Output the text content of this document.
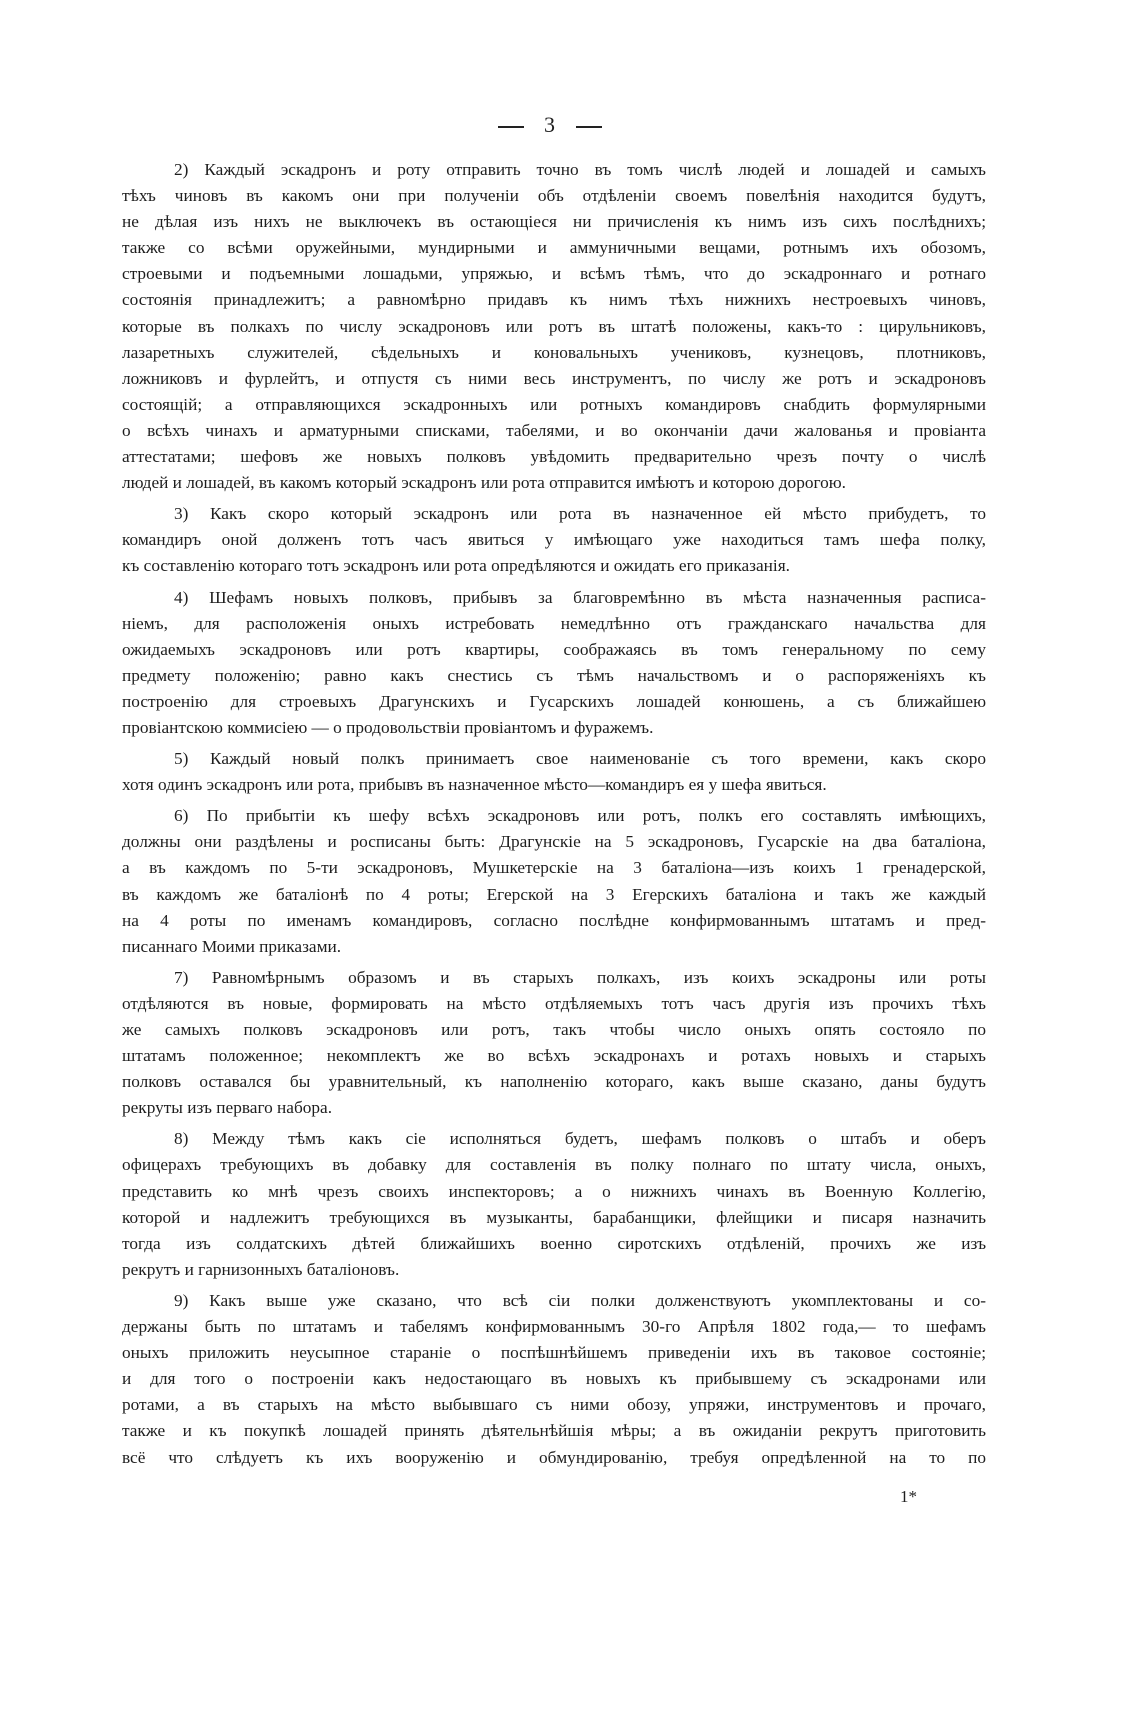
3
2) Каждый эскадронъ и роту отправить точно въ томъ числѣ людей и лошадей и самыхъ
тѣхъ чиновъ въ какомъ они при полученіи объ отдѣленіи своемъ повелѣнія находится будутъ,
не дѣлая изъ нихъ не выключекъ въ остающіеся ни причисленія къ нимъ изъ сихъ послѣднихъ;
также со всѣми оружейными, мундирными и аммуничными вещами, ротнымъ ихъ обозомъ,
строевыми и подъемными лошадьми, упряжью, и всѣмъ тѣмъ, что до эскадроннаго и ротнаго
состоянія принадлежитъ; а равномѣрно придавъ къ нимъ тѣхъ нижнихъ нестроевыхъ чиновъ,
которые въ полкахъ по числу эскадроновъ или ротъ въ штатѣ положены, какъ-то : цирульниковъ,
лазаретныхъ служителей, сѣдельныхъ и коновальныхъ учениковъ, кузнецовъ, плотниковъ,
ложниковъ и фурлейтъ, и отпустя съ ними весь инструментъ, по числу же ротъ и эскадроновъ
состоящій; а отправляющихся эскадронныхъ или ротныхъ командировъ снабдить формулярными
о всѣхъ чинахъ и арматурными списками, табелями, и во окончаніи дачи жалованья и провіанта
аттестатами; шефовъ же новыхъ полковъ увѣдомить предварительно чрезъ почту о числѣ
людей и лошадей, въ какомъ который эскадронъ или рота отправится имѣютъ и которою дорогою.
3) Какъ скоро который эскадронъ или рота въ назначенное ей мѣсто прибудетъ, то
командиръ оной долженъ тотъ часъ явиться у имѣющаго уже находиться тамъ шефа полку,
къ составленію котораго тотъ эскадронъ или рота опредѣляются и ожидать его приказанія.
4) Шефамъ новыхъ полковъ, прибывъ за благовремѣнно въ мѣста назначенныя расписа-
ніемъ, для расположенія оныхъ истребовать немедлѣнно отъ гражданскаго начальства для
ожидаемыхъ эскадроновъ или ротъ квартиры, соображаясь въ томъ генеральному по сему
предмету положенію; равно какъ снестись съ тѣмъ начальствомъ и о распоряженіяхъ къ
построенію для строевыхъ Драгунскихъ и Гусарскихъ лошадей конюшень, а съ ближайшею
провіантскою коммисіею — о продовольствіи провіантомъ и фуражемъ.
5) Каждый новый полкъ принимаетъ свое наименованіе съ того времени, какъ скоро
хотя одинъ эскадронъ или рота, прибывъ въ назначенное мѣсто—командиръ ея у шефа явиться.
6) По прибытіи къ шефу всѣхъ эскадроновъ или ротъ, полкъ его составлять имѣющихъ,
должны они раздѣлены и росписаны быть: Драгунскіе на 5 эскадроновъ, Гусарскіе на два баталіона,
а въ каждомъ по 5-ти эскадроновъ, Мушкетерскіе на 3 баталіона—изъ коихъ 1 гренадерской,
въ каждомъ же баталіонѣ по 4 роты; Егерской на 3 Егерскихъ баталіона и такъ же каждый
на 4 роты по именамъ командировъ, согласно послѣдне конфирмованнымъ штатамъ и пред-
писаннаго Моими приказами.
7) Равномѣрнымъ образомъ и въ старыхъ полкахъ, изъ коихъ эскадроны или роты
отдѣляются въ новые, формировать на мѣсто отдѣляемыхъ тотъ часъ другія изъ прочихъ тѣхъ
же самыхъ полковъ эскадроновъ или ротъ, такъ чтобы число оныхъ опять состояло по
штатамъ положенное; некомплектъ же во всѣхъ эскадронахъ и ротахъ новыхъ и старыхъ
полковъ оставался бы уравнительный, къ наполненію котораго, какъ выше сказано, даны будутъ
рекруты изъ перваго набора.
8) Между тѣмъ какъ сіе исполняться будетъ, шефамъ полковъ о штабъ и оберъ
офицерахъ требующихъ въ добавку для составленія въ полку полнаго по штату числа, оныхъ,
представить ко мнѣ чрезъ своихъ инспекторовъ; а о нижнихъ чинахъ въ Военную Коллегію,
которой и надлежитъ требующихся въ музыканты, барабанщики, флейщики и писаря назначить
тогда изъ солдатскихъ дѣтей ближайшихъ военно сиротскихъ отдѣленій, прочихъ же изъ
рекрутъ и гарнизонныхъ баталіоновъ.
9) Какъ выше уже сказано, что всѣ сіи полки долженствуютъ укомплектованы и со-
держаны быть по штатамъ и табелямъ конфирмованнымъ 30-го Апрѣля 1802 года,— то шефамъ
оныхъ приложить неусыпное стараніе о поспѣшнѣйшемъ приведеніи ихъ въ таковое состояніе;
и для того о построеніи какъ недостающаго въ новыхъ къ прибывшему съ эскадронами или
ротами, а въ старыхъ на мѣсто выбывшаго съ ними обозу, упряжи, инструментовъ и прочаго,
также и къ покупкѣ лошадей принять дѣятельнѣйшія мѣры; а въ ожиданіи рекрутъ приготовить
всё что слѣдуетъ къ ихъ вооруженію и обмундированію, требуя опредѣленной на то по
1*
